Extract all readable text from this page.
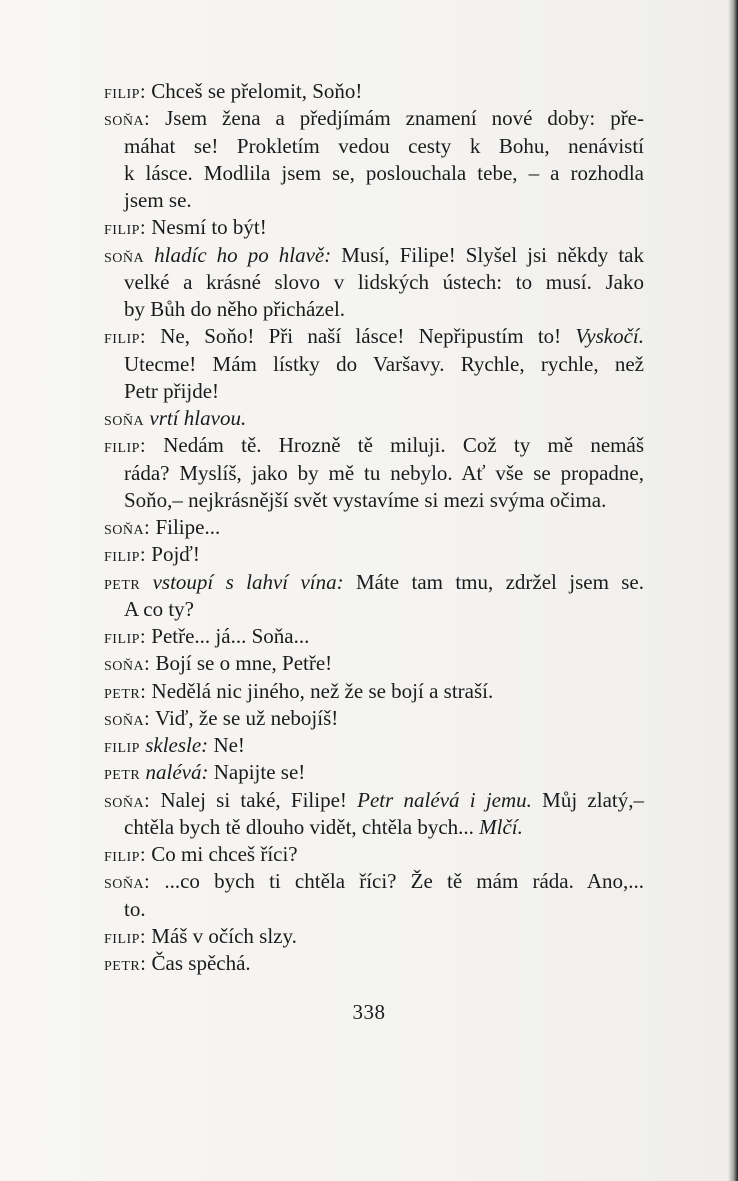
filip: Chceš se přelomit, Soňo!
soňa: Jsem žena a předjímám znamení nové doby: pře-
máhat se! Prokletím vedou cesty k Bohu, nenávistí
k lásce. Modlila jsem se, poslouchala tebe, – a rozhodla
jsem se.
filip: Nesmí to být!
soňa hladíc ho po hlavě: Musí, Filipe! Slyšel jsi někdy tak
velké a krásné slovo v lidských ústech: to musí. Jako
by Bůh do něho přicházel.
filip: Ne, Soňo! Při naší lásce! Nepřipustím to! Vyskočí.
Utecme! Mám lístky do Varšavy. Rychle, rychle, než
Petr přijde!
soňa vrtí hlavou.
filip: Nedám tě. Hrozně tě miluji. Což ty mě nemáš
ráda? Myslíš, jako by mě tu nebylo. Ať vše se propadne,
Soňo,– nejkrásnější svět vystavíme si mezi svýma očima.
soňa: Filipe...
filip: Pojď!
petr vstoupí s lahví vína: Máte tam tmu, zdržel jsem se.
A co ty?
filip: Petře... já... Soňa...
soňa: Bojí se o mne, Petře!
petr: Nedělá nic jiného, než že se bojí a straší.
soňa: Viď, že se už nebojíš!
filip sklesle: Ne!
petr nalévá: Napijte se!
soňa: Nalej si také, Filipe! Petr nalévá i jemu. Můj zlatý,–
chtěla bych tě dlouho vidět, chtěla bych... Mlčí.
filip: Co mi chceš říci?
soňa: ...co bych ti chtěla říci? Že tě mám ráda. Ano,...
to.
filip: Máš v očích slzy.
petr: Čas spěchá.
338
